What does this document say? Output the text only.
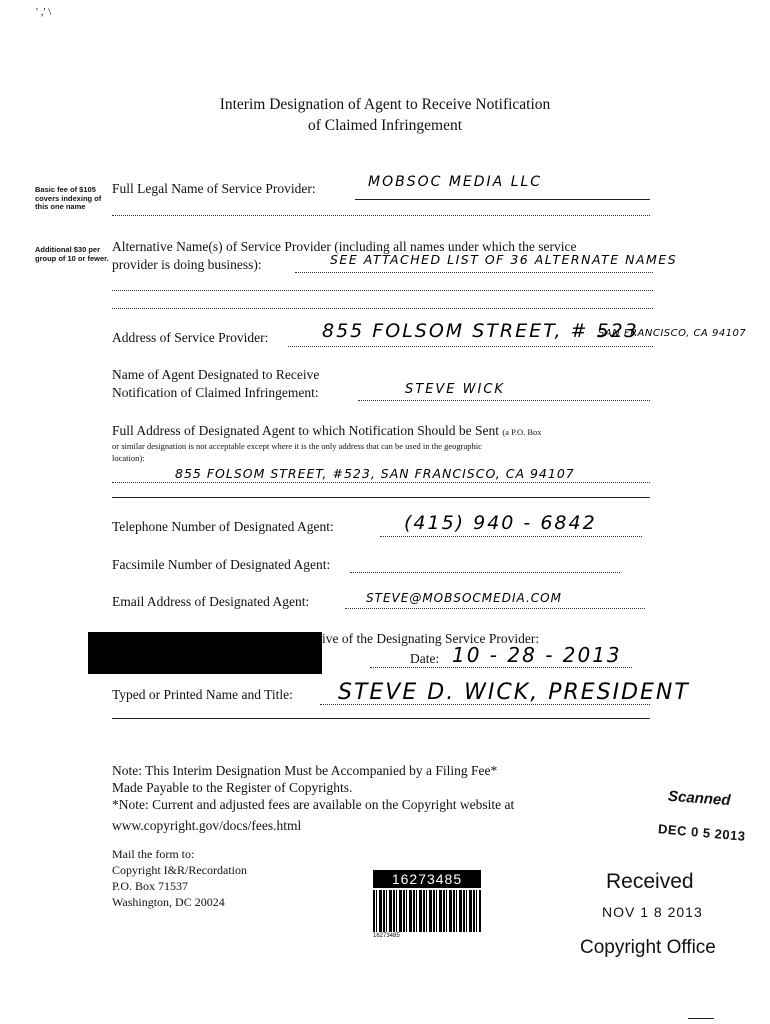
' ,' \
Interim Designation of Agent to Receive Notification
of Claimed Infringement
Basic fee of $105 covers indexing of this one name
Additional $30 per group of 10 or fewer.
Full Legal Name of Service Provider:	MOBSOC MEDIA LLC
Alternative Name(s) of Service Provider (including all names under which the service
provider is doing business):	SEE ATTACHED LIST OF 36 ALTERNATE NAMES
Address of Service Provider:	855 FOLSOM STREET, # 523
SAN FRANCISCO, CA 94107
Name of Agent Designated to Receive
Notification of Claimed Infringement:	STEVE WICK
Full Address of Designated Agent to which Notification Should be Sent (a P.O. Box
or similar designation is not acceptable except where it is the only address that can be used in the geographic
location):
855 FOLSOM STREET, #523, SAN FRANCISCO, CA 94107
Telephone Number of Designated Agent:	(415) 940 - 6842
Facsimile Number of Designated Agent:
Email Address of Designated Agent:	STEVE@MOBSOCMEDIA.COM
ive of the Designating Service Provider:
Date: 10 - 28 - 2013
Typed or Printed Name and Title: STEVE D. WICK, PRESIDENT
Note: This Interim Designation Must be Accompanied by a Filing Fee*
Made Payable to the Register of Copyrights.
*Note: Current and adjusted fees are available on the Copyright website at
www.copyright.gov/docs/fees.html
Mail the form to:
Copyright I&R/Recordation
P.O. Box 71537
Washington, DC 20024
16273485
16273485
Scanned
DEC 0 5 2013
Received
NOV 1 8 2013
Copyright Office
